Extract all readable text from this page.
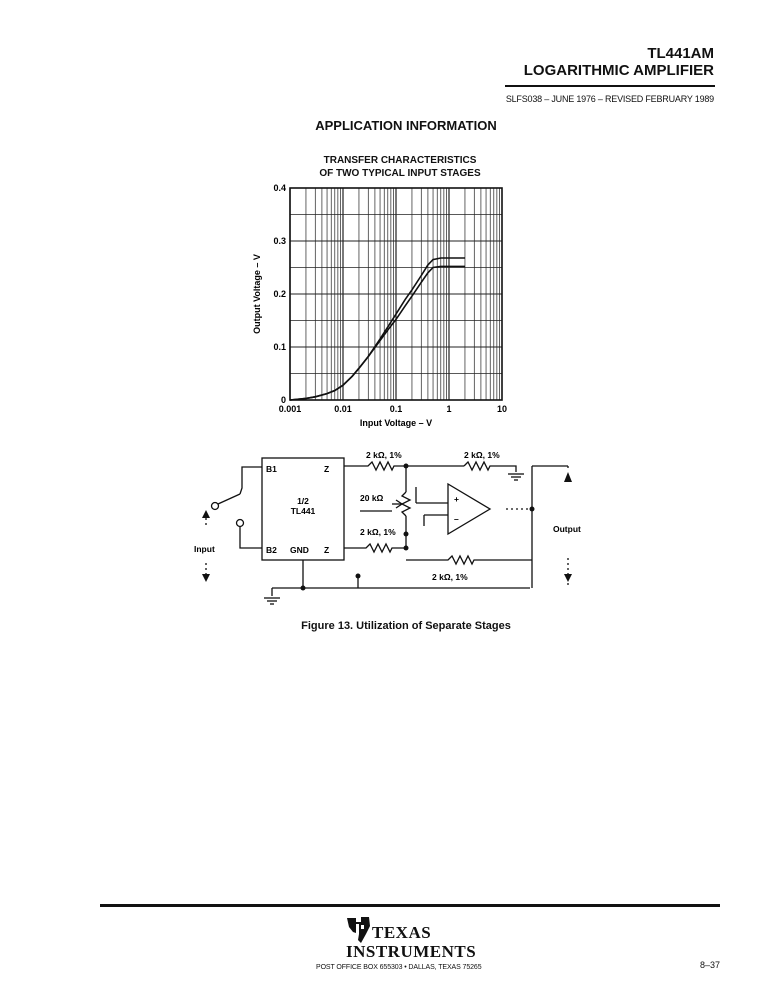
TL441AM
LOGARITHMIC AMPLIFIER
SLFS038 – JUNE 1976 – REVISED FEBRUARY 1989
APPLICATION INFORMATION
TRANSFER CHARACTERISTICS
OF TWO TYPICAL INPUT STAGES
0
0.1
0.2
0.3
0.4
0.001	0.01	0.1	1	10
Input Voltage – V
Output Voltage – V
B1
B2 GND
Z
Z
1/2
TL441
2 kΩ, 1%	2 kΩ, 1%
20 kΩ
2 kΩ, 1%
2 kΩ, 1%
+
–
Input
Output
Figure 13. Utilization of Separate Stages
TEXAS
INSTRUMENTS
POST OFFICE BOX 655303 • DALLAS, TEXAS 75265	8–37
